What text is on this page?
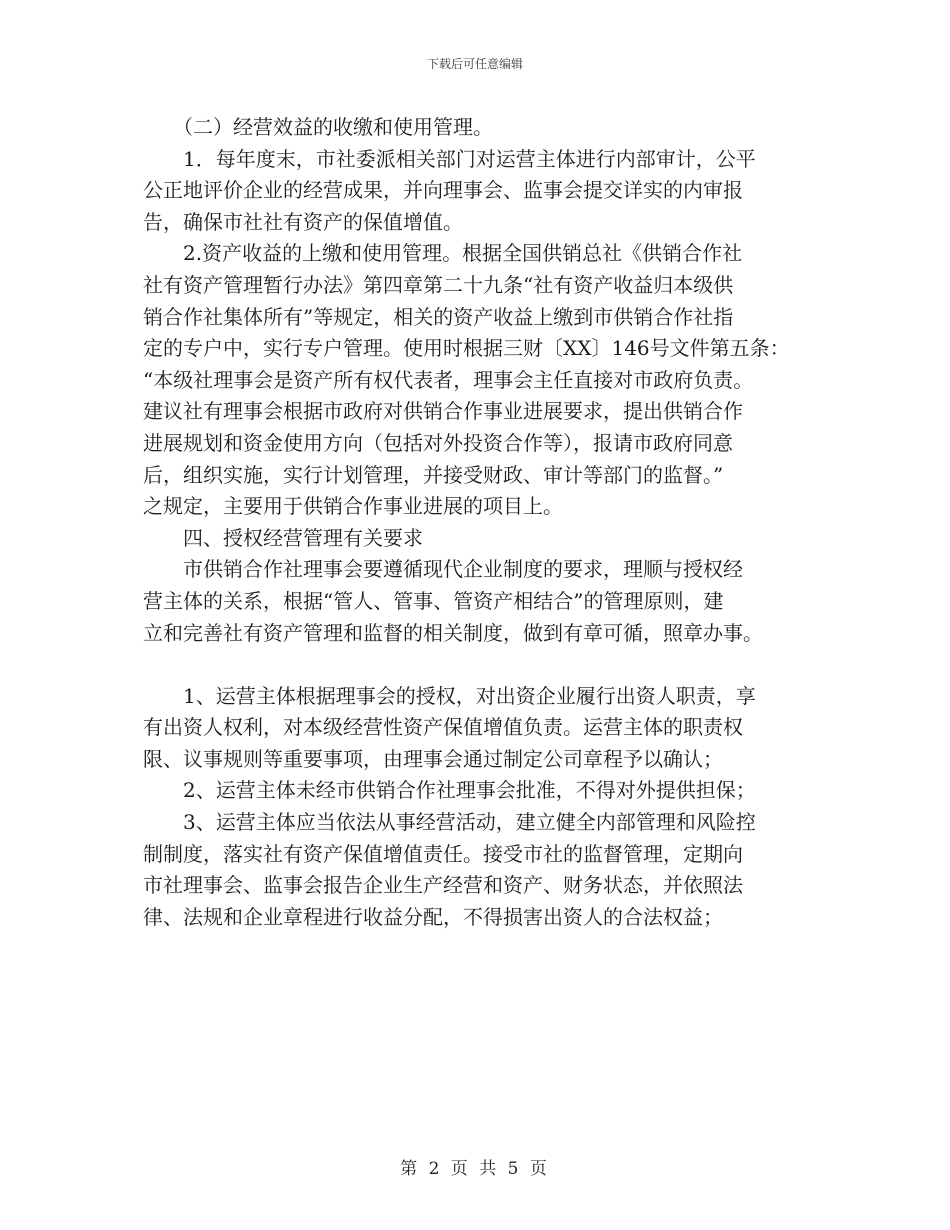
下载后可任意编辑
　　（二）经营效益的收缴和使用管理。
　　1．每年度末，市社委派相关部门对运营主体进行内部审计，公平
公正地评价企业的经营成果，并向理事会、监事会提交详实的内审报
告，确保市社社有资产的保值增值。
　　2.资产收益的上缴和使用管理。根据全国供销总社《供销合作社
社有资产管理暂行办法》第四章第二十九条“社有资产收益归本级供
销合作社集体所有”等规定，相关的资产收益上缴到市供销合作社指
定的专户中，实行专户管理。使用时根据三财〔XX〕146号文件第五条：
“本级社理事会是资产所有权代表者，理事会主任直接对市政府负责。
建议社有理事会根据市政府对供销合作事业进展要求，提出供销合作
进展规划和资金使用方向（包括对外投资合作等），报请市政府同意
后，组织实施，实行计划管理，并接受财政、审计等部门的监督。”
之规定，主要用于供销合作事业进展的项目上。
　　四、授权经营管理有关要求
　　市供销合作社理事会要遵循现代企业制度的要求，理顺与授权经
营主体的关系，根据“管人、管事、管资产相结合”的管理原则，建
立和完善社有资产管理和监督的相关制度，做到有章可循，照章办事。
　　1、运营主体根据理事会的授权，对出资企业履行出资人职责，享
有出资人权利，对本级经营性资产保值增值负责。运营主体的职责权
限、议事规则等重要事项，由理事会通过制定公司章程予以确认；
　　2、运营主体未经市供销合作社理事会批准，不得对外提供担保；
　　3、运营主体应当依法从事经营活动，建立健全内部管理和风险控
制制度，落实社有资产保值增值责任。接受市社的监督管理，定期向
市社理事会、监事会报告企业生产经营和资产、财务状态，并依照法
律、法规和企业章程进行收益分配，不得损害出资人的合法权益；
第 2 页 共 5 页
